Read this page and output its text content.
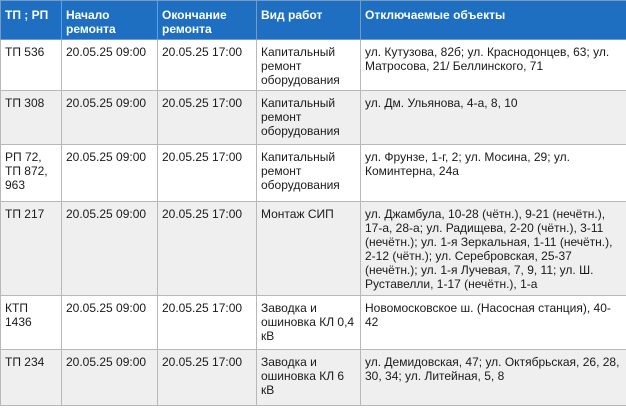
ТП ; РП	Начало ремонта	Окончание ремонта	Вид работ	Отключаемые объекты
ТП 536	20.05.25 09:00	20.05.25 17:00	Капитальный ремонт оборудования	ул. Кутузова, 82б; ул. Краснодонцев, 63; ул. Матросова, 21/ Беллинского, 71
ТП 308	20.05.25 09:00	20.05.25 17:00	Капитальный ремонт оборудования	ул. Дм. Ульянова, 4-а, 8, 10
РП 72, ТП 872, 963	20.05.25 09:00	20.05.25 17:00	Капитальный ремонт оборудования	ул. Фрунзе, 1-г, 2; ул. Мосина, 29; ул. Коминтерна, 24а
ТП 217	20.05.25 09:00	20.05.25 17:00	Монтаж СИП	ул. Джамбула, 10-28 (чётн.), 9-21 (нечётн.), 17-а, 28-а; ул. Радищева, 2-20 (чётн.), 3-11 (нечётн.); ул. 1-я Зеркальная, 1-11 (нечётн.), 2-12 (чётн.); ул. Серебровская, 25-37 (нечётн.); ул. 1-я Лучевая, 7, 9, 11; ул. Ш. Руставелли, 1-17 (нечётн.), 1-а
КТП 1436	20.05.25 09:00	20.05.25 17:00	Заводка и ошиновка КЛ 0,4 кВ	Новомосковское ш. (Насосная станция), 40-42
ТП 234	20.05.25 09:00	20.05.25 17:00	Заводка и ошиновка КЛ 6 кВ	ул. Демидовская, 47; ул. Октябрьская, 26, 28, 30, 34; ул. Литейная, 5, 8
